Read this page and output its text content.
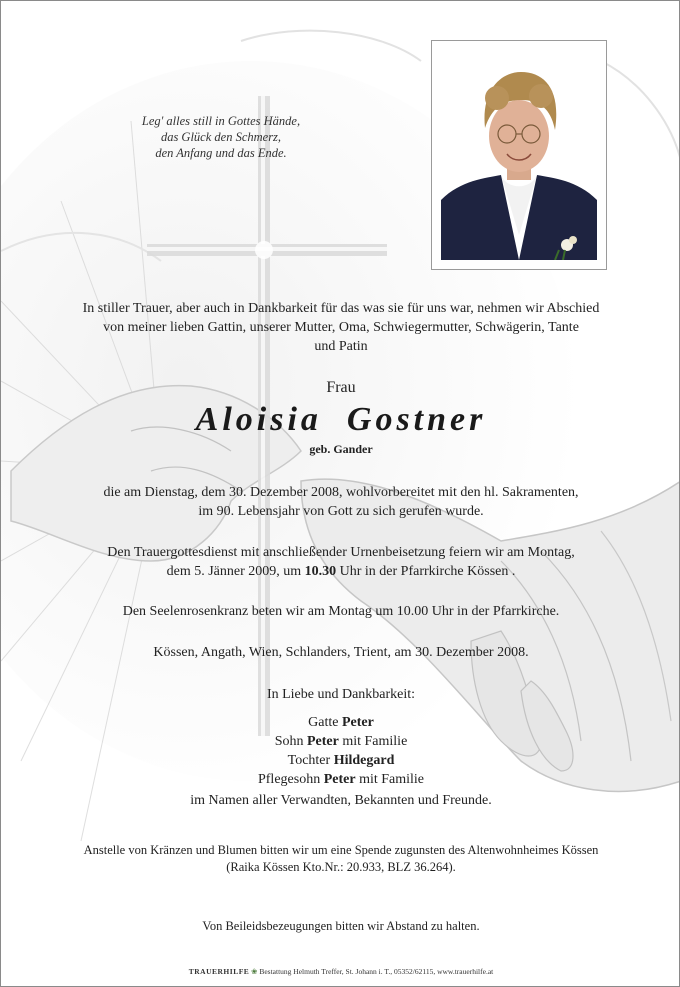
Leg' alles still in Gottes Hände,
das Glück den Schmerz,
den Anfang und das Ende.
In stiller Trauer, aber auch in Dankbarkeit für das was sie für uns war, nehmen wir Abschied
von meiner lieben Gattin, unserer Mutter, Oma, Schwiegermutter, Schwägerin, Tante
und Patin
Frau
Aloisia  Gostner
geb. Gander
die am Dienstag, dem 30. Dezember 2008, wohlvorbereitet mit den hl. Sakramenten,
im 90. Lebensjahr von Gott zu sich gerufen wurde.
Den Trauergottesdienst mit anschließender Urnenbeisetzung feiern wir am Montag,
dem 5. Jänner 2009, um 10.30 Uhr in der Pfarrkirche Kössen .
Den Seelenrosenkranz beten wir am Montag um 10.00 Uhr in der Pfarrkirche.
Kössen, Angath, Wien, Schlanders, Trient, am 30. Dezember 2008.
In Liebe und Dankbarkeit:
Gatte Peter
Sohn Peter mit Familie
Tochter Hildegard
Pflegesohn Peter mit Familie
im Namen aller Verwandten, Bekannten und Freunde.
Anstelle von Kränzen und Blumen bitten wir um eine Spende zugunsten des Altenwohnheimes Kössen
(Raika Kössen Kto.Nr.: 20.933, BLZ 36.264).
Von Beileidsbezeugungen bitten wir Abstand zu halten.
TRAUERHILFE ❀ Bestattung Helmuth Treffer, St. Johann i. T., 05352/62115, www.trauerhilfe.at
